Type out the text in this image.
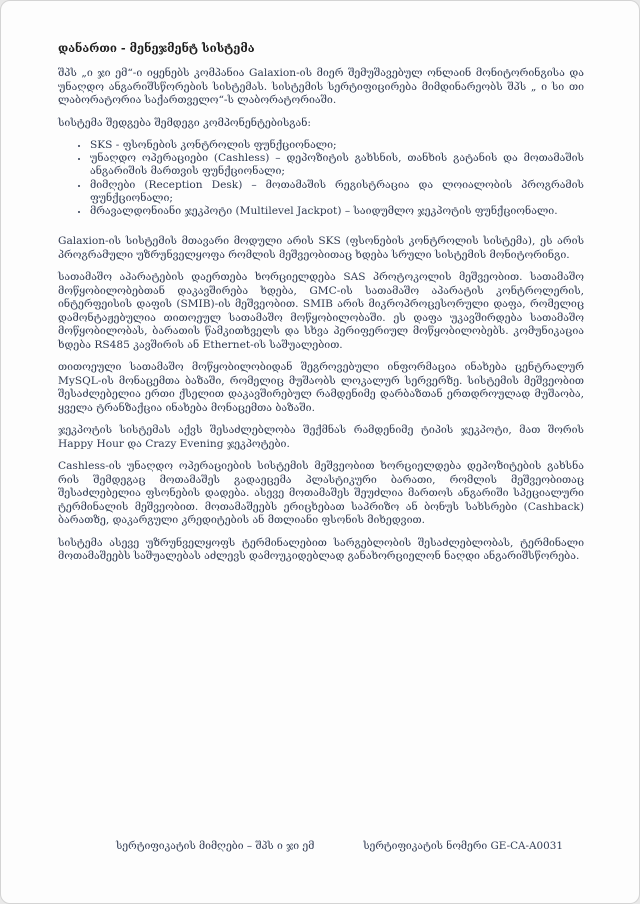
დანართი - მენეჯმენტ სისტემა

შპს „ი ჯი ემ“-ი იყენებს კომპანია Galaxion-ის მიერ შემუშავებულ ონლაინ მონიტორინგისა და უნაღდო ანგარიშსწორების სისტემას. სისტემის სერტიფიცირება მიმდინარეობს შპს „ ი სი თი ლაბორატორია საქართველო“-ს ლაბორატორიაში.

სისტემა შედგება შემდეგი კომპონენტებისგან:

• SKS - ფსონების კონტროლის ფუნქციონალი;
• უნაღდო ოპერაციები (Cashless) – დეპოზიტის გახსნის, თანხის გატანის და მოთამაშის ანგარიშის მართვის ფუნქციონალი;
• მიმღები (Reception Desk) – მოთამაშის რეგისტრაცია და ლოიალობის პროგრამის ფუნქციონალი;
• მრავალდონიანი ჯეკპოტი (Multilevel Jackpot) – საიდუმლო ჯეკპოტის ფუნქციონალი.

Galaxion-ის სისტემის მთავარი მოდული არის SKS (ფსონების კონტროლის სისტემა), ეს არის პროგრამული უზრუნველყოფა რომლის მეშვეობითაც ხდება სრული სისტემის მონიტორინგი.

სათამაშო აპარატების დაერთება ხორციელდება SAS პროტოკოლის მეშვეობით. სათამაშო მოწყობილობებთან დაკავშირება ხდება, GMC-ის სათამაშო აპარატის კონტროლერის, ინტერფეისის დაფის (SMIB)-ის მეშვეობით. SMIB არის მიკროპროცესორული დაფა, რომელიც დამონტაჟებულია თითოეულ სათამაშო მოწყობილობაში. ეს დაფა უკავშირდება სათამაშო მოწყობილობას, ბარათის წამკითხველს და სხვა პერიფერიულ მოწყობილობებს. კომუნიკაცია ხდება RS485 კავშირის ან Ethernet-ის საშუალებით.

თითოეული სათამაშო მოწყობილობიდან შეგროვებული ინფორმაცია ინახება ცენტრალურ MySQL-ის მონაცემთა ბაზაში, რომელიც მუშაობს ლოკალურ სერვერზე. სისტემის მეშვეობით შესაძლებელია ერთი ქსელით დაკავშირებულ რამდენიმე დარბაზთან ერთდროულად მუშაობა, ყველა ტრანზაქცია ინახება მონაცემთა ბაზაში.

ჯეკპოტის სისტემას აქვს შესაძლებლობა შექმნას რამდენიმე ტიპის ჯეკპოტი, მათ შორის Happy Hour და Crazy Evening ჯეკპოტები.

Cashless-ის უნაღდო ოპერაციების სისტემის მეშვეობით ხორციელდება დეპოზიტების გახსნა რის შემდეგაც მოთამაშეს გადაეცემა პლასტიკური ბარათი, რომლის მეშვეობითაც შესაძლებელია ფსონების დადება. ასევე მოთამაშეს შეუძლია მართოს ანგარიში სპეციალური ტერმინალის მეშვეობით. მოთამაშეებს ერიცხებათ საპრიზო ან ბონუს სახსრები (Cashback) ბარათზე, დაკარგული კრედიტების ან მთლიანი ფსონის მიხედვით.

სისტემა ასევე უზრუნველყოფს ტერმინალებით სარგებლობის შესაძლებლობას, ტერმინალი მოთამაშეებს საშუალებას აძლევს დამოუკიდებლად განახორციელონ ნაღდი ანგარიშსწორება.

სერტიფიკატის მიმღები – შპს ი ჯი ემ	სერტიფიკატის ნომერი GE-CA-A0031
